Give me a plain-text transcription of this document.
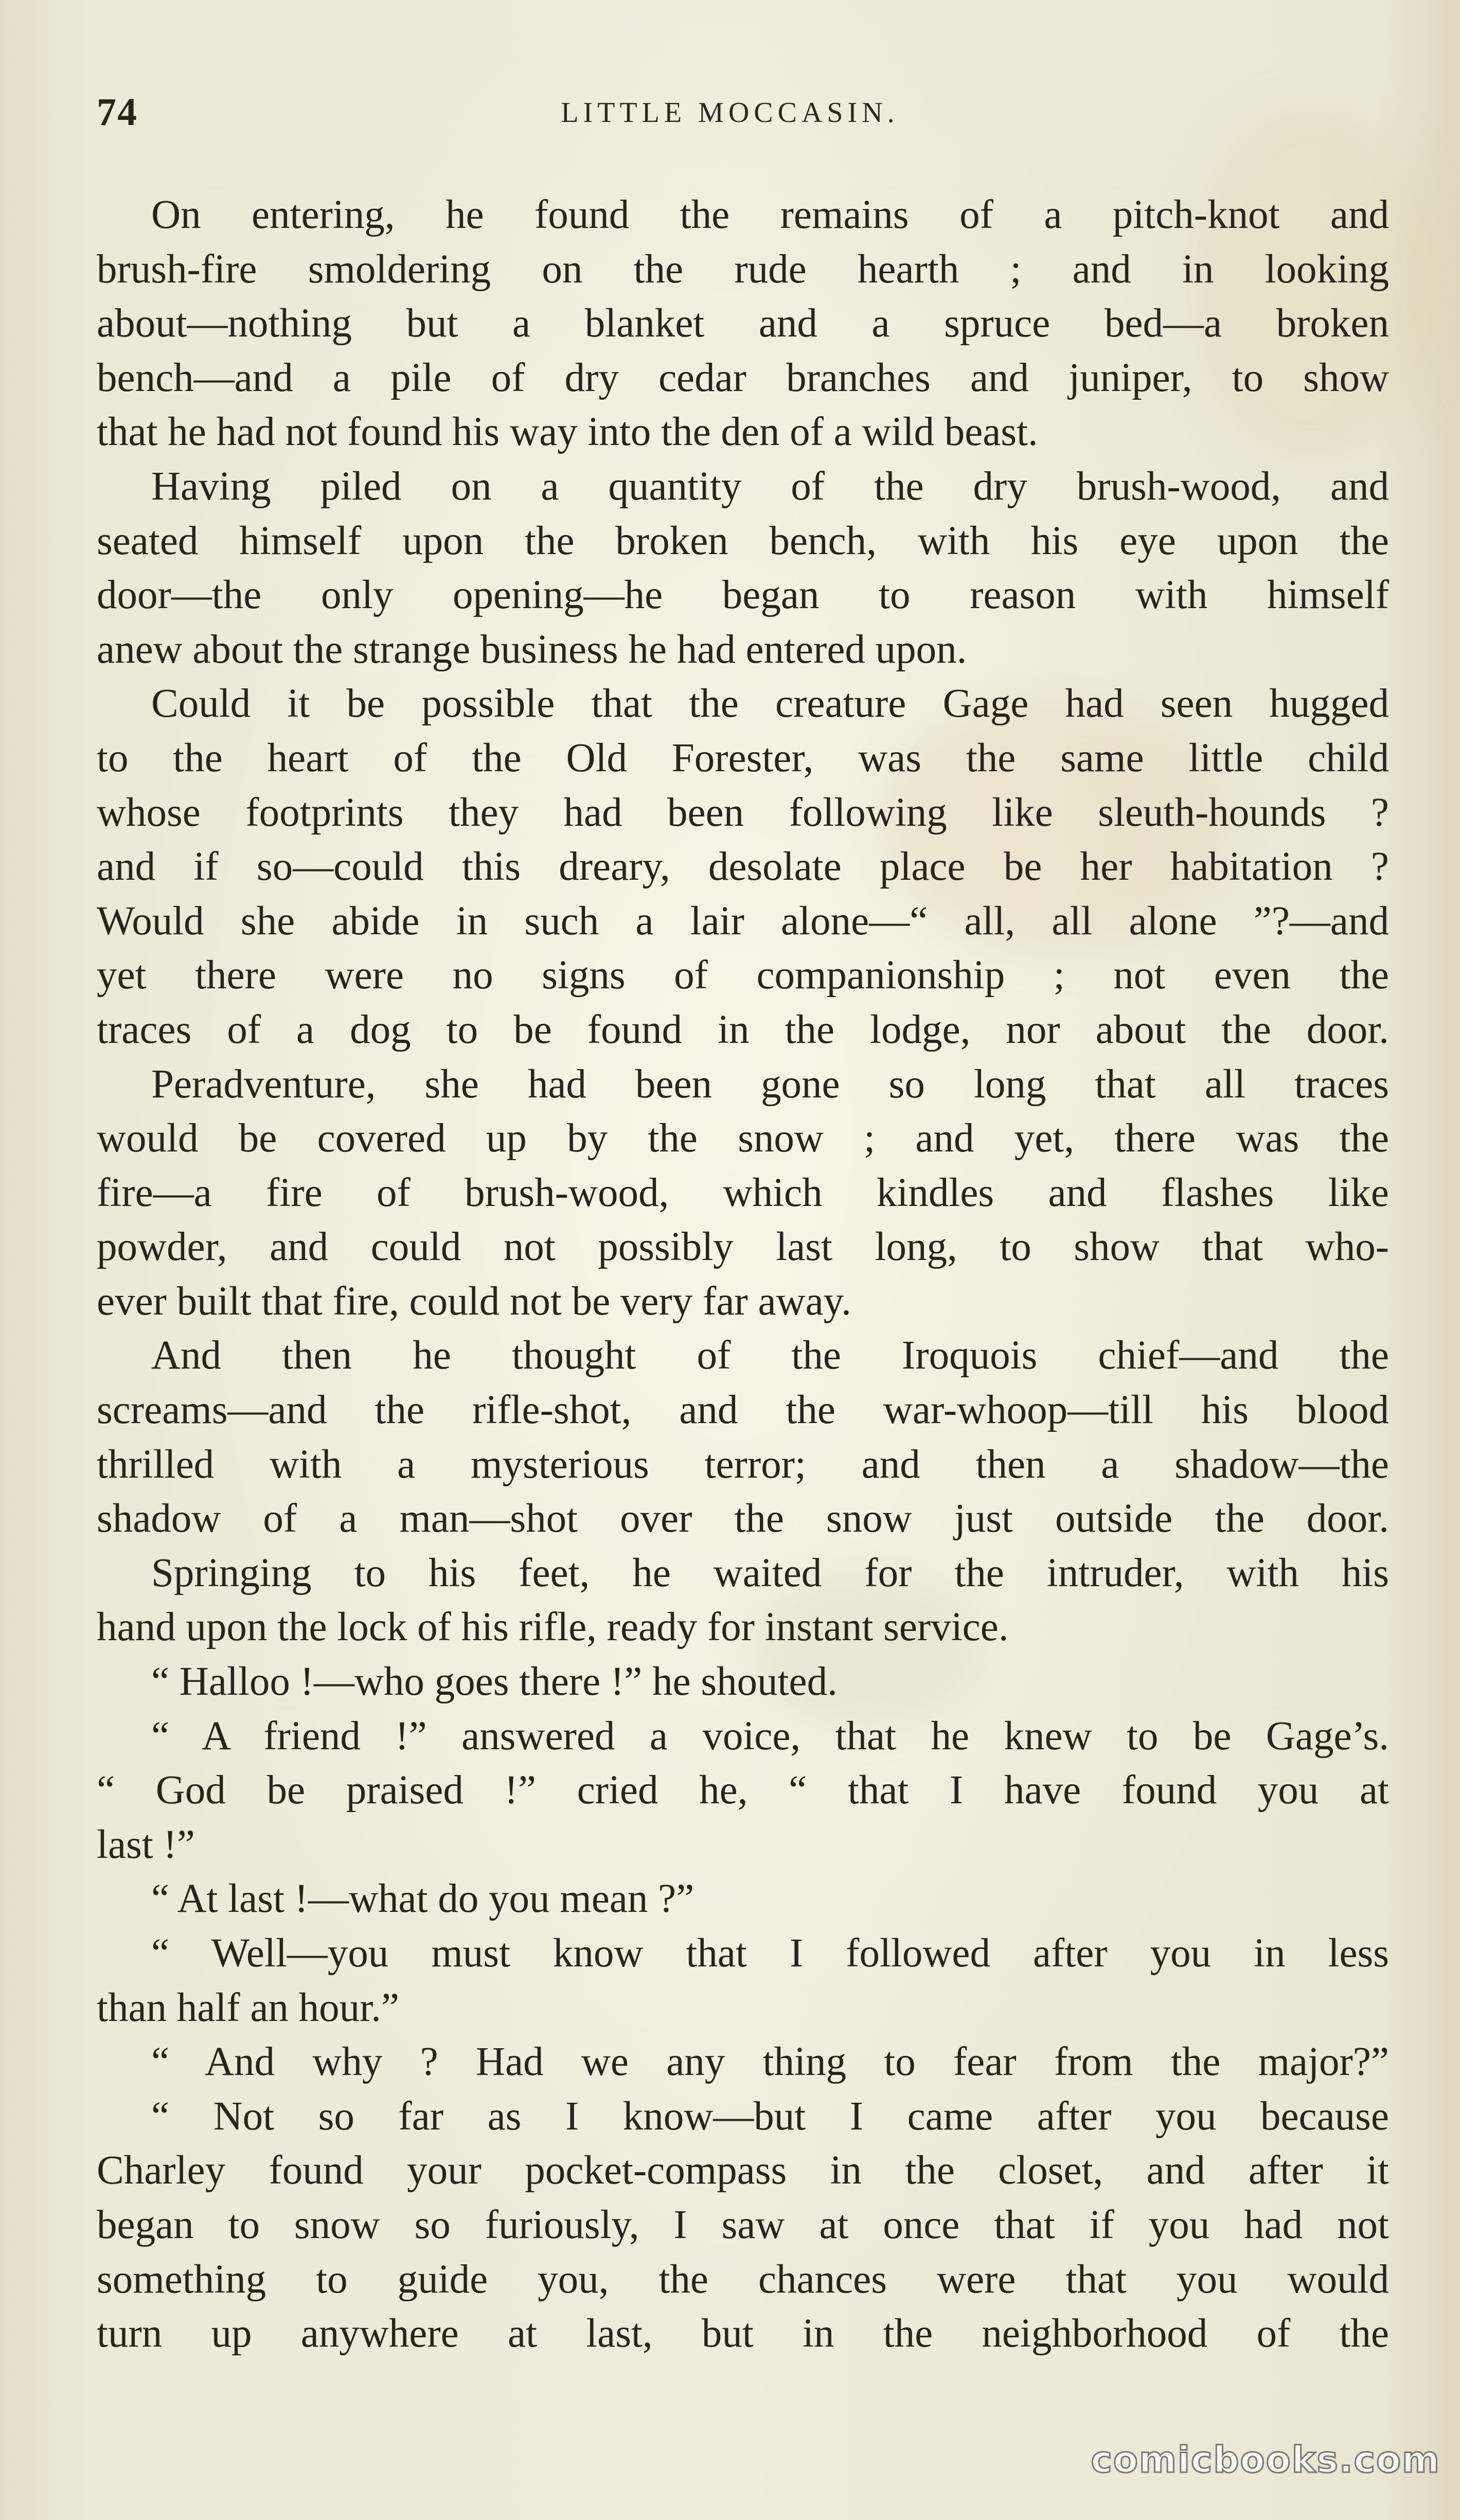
74	LITTLE MOCCASIN.
On entering, he found the remains of a pitch-knot and
brush-fire smoldering on the rude hearth ; and in looking
about—nothing but a blanket and a spruce bed—a broken
bench—and a pile of dry cedar branches and juniper, to show
that he had not found his way into the den of a wild beast.
Having piled on a quantity of the dry brush-wood, and
seated himself upon the broken bench, with his eye upon the
door—the only opening—he began to reason with himself
anew about the strange business he had entered upon.
Could it be possible that the creature Gage had seen hugged
to the heart of the Old Forester, was the same little child
whose footprints they had been following like sleuth-hounds ?
and if so—could this dreary, desolate place be her habitation ?
Would she abide in such a lair alone—“ all, all alone ”?—and
yet there were no signs of companionship ; not even the
traces of a dog to be found in the lodge, nor about the door.
Peradventure, she had been gone so long that all traces
would be covered up by the snow ; and yet, there was the
fire—a fire of brush-wood, which kindles and flashes like
powder, and could not possibly last long, to show that who-
ever built that fire, could not be very far away.
And then he thought of the Iroquois chief—and the
screams—and the rifle-shot, and the war-whoop—till his blood
thrilled with a mysterious terror; and then a shadow—the
shadow of a man—shot over the snow just outside the door.
Springing to his feet, he waited for the intruder, with his
hand upon the lock of his rifle, ready for instant service.
“ Halloo !—who goes there !” he shouted.
“ A friend !” answered a voice, that he knew to be Gage’s.
“ God be praised !” cried he, “ that I have found you at
last !”
“ At last !—what do you mean ?”
“ Well—you must know that I followed after you in less
than half an hour.”
“ And why ? Had we any thing to fear from the major?”
“ Not so far as I know—but I came after you because
Charley found your pocket-compass in the closet, and after it
began to snow so furiously, I saw at once that if you had not
something to guide you, the chances were that you would
turn up anywhere at last, but in the neighborhood of the
comicbooks.com
